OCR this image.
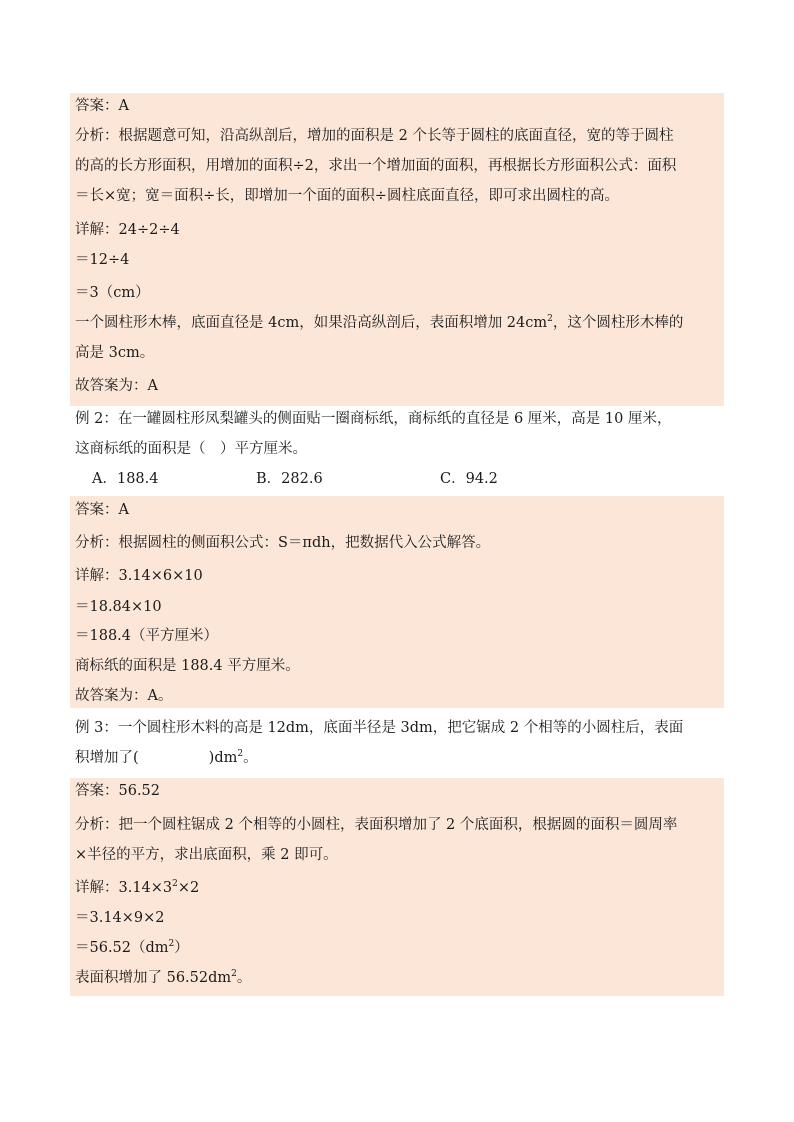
答案：A
分析：根据题意可知，沿高纵剖后，增加的面积是 2 个长等于圆柱的底面直径，宽的等于圆柱
的高的长方形面积，用增加的面积÷2，求出一个增加面的面积，再根据长方形面积公式：面积
＝长×宽；宽＝面积÷长，即增加一个面的面积÷圆柱底面直径，即可求出圆柱的高。
详解：24÷2÷4
＝12÷4
＝3（cm）
一个圆柱形木棒，底面直径是 4cm，如果沿高纵剖后，表面积增加 $24cm^2$，这个圆柱形木棒的
高是 3cm。
故答案为：A
例 2：在一罐圆柱形凤梨罐头的侧面贴一圈商标纸，商标纸的直径是 6 厘米，高是 10 厘米，
这商标纸的面积是（　）平方厘米。
A．188.4	B．282.6	C．94.2
答案：A
分析：根据圆柱的侧面积公式：S＝πdh，把数据代入公式解答。
详解：3.14×6×10
＝18.84×10
＝188.4（平方厘米）
商标纸的面积是 188.4 平方厘米。
故答案为：A。
例 3：一个圆柱形木料的高是 12dm，底面半径是 3dm，把它锯成 2 个相等的小圆柱后，表面
积增加了(	)$dm^2$。
答案：56.52
分析：把一个圆柱锯成 2 个相等的小圆柱，表面积增加了 2 个底面积，根据圆的面积＝圆周率
×半径的平方，求出底面积，乘 2 即可。
详解：$3.14\times 3^2\times 2$
＝3.14×9×2
$=56.52(dm^2)$
表面积增加了 $56.52dm^2$。
